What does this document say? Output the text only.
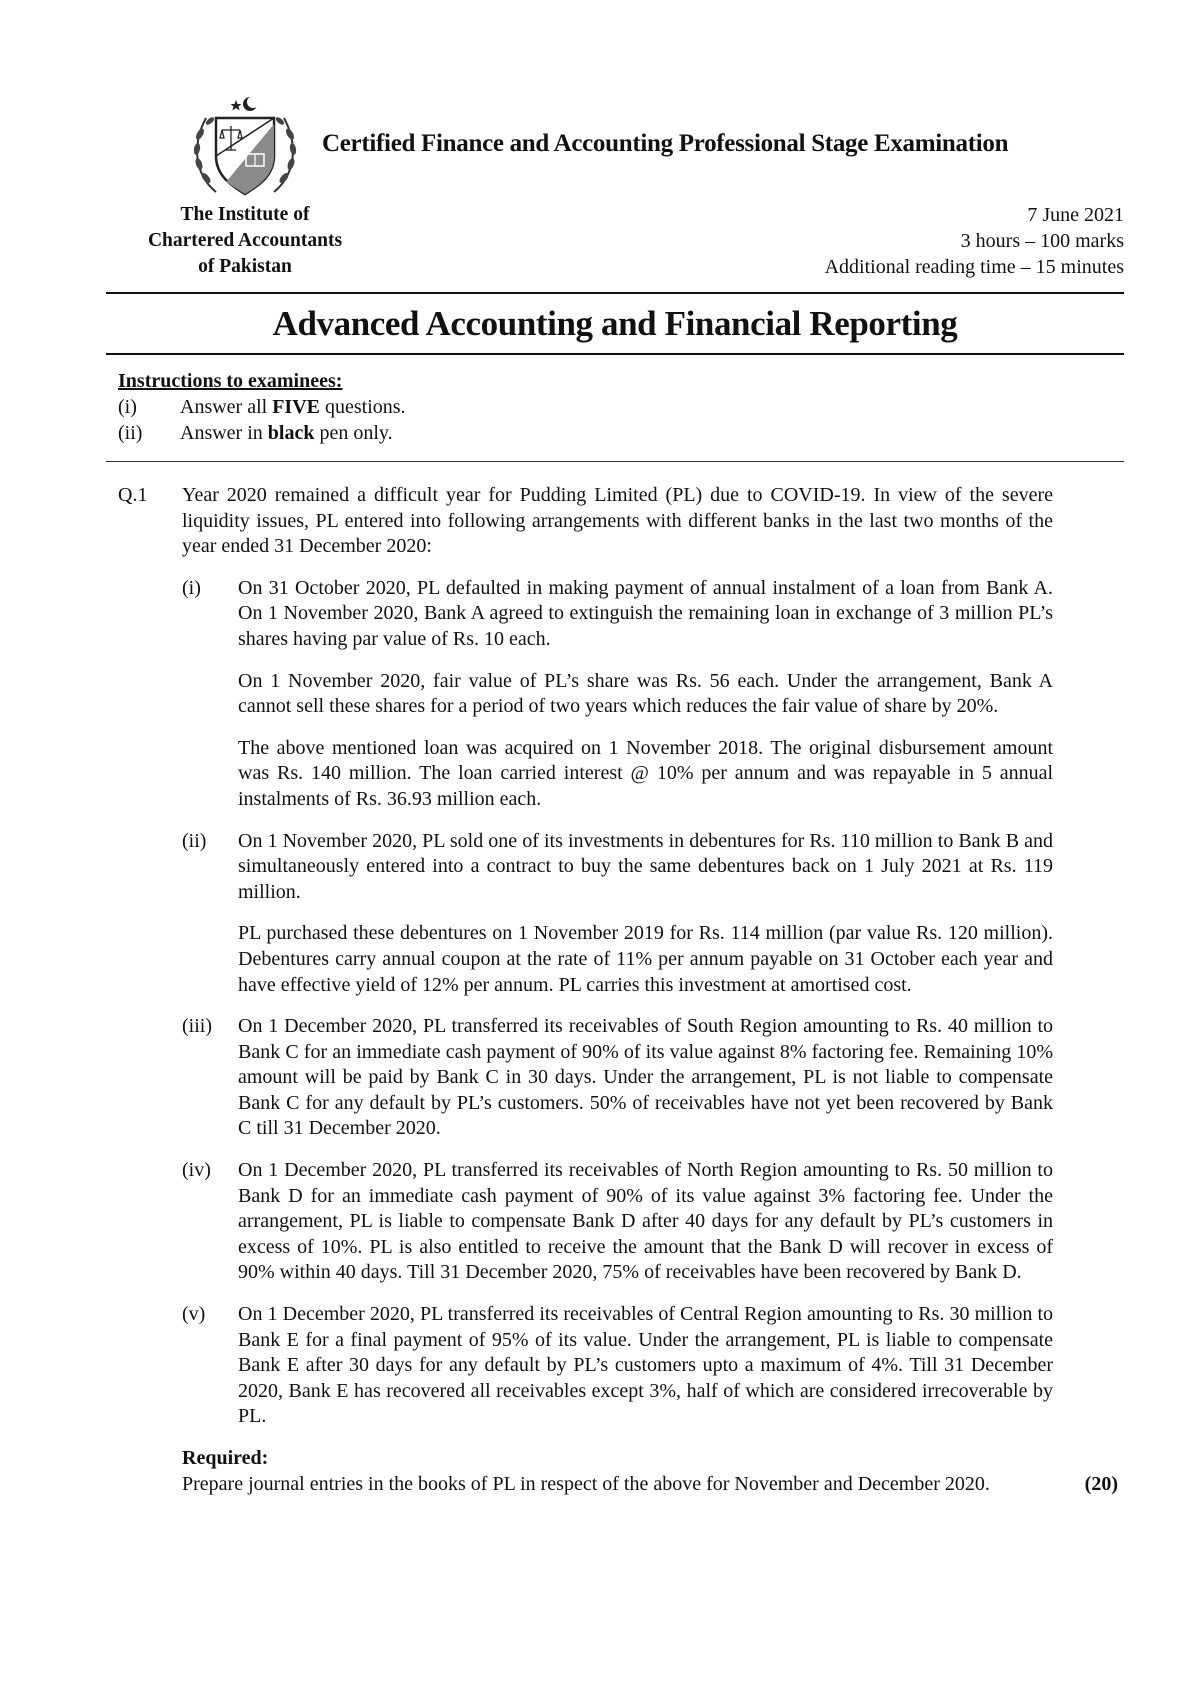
Certified Finance and Accounting Professional Stage Examination
The Institute of
Chartered Accountants
of Pakistan
7 June 2021
3 hours – 100 marks
Additional reading time – 15 minutes
Advanced Accounting and Financial Reporting
Instructions to examinees:
(i)	Answer all FIVE questions.
(ii)	Answer in black pen only.
Q.1	Year 2020 remained a difficult year for Pudding Limited (PL) due to COVID-19. In view of the severe liquidity issues, PL entered into following arrangements with different banks in the last two months of the year ended 31 December 2020:
(i)	On 31 October 2020, PL defaulted in making payment of annual instalment of a loan from Bank A. On 1 November 2020, Bank A agreed to extinguish the remaining loan in exchange of 3 million PL’s shares having par value of Rs. 10 each.

On 1 November 2020, fair value of PL’s share was Rs. 56 each. Under the arrangement, Bank A cannot sell these shares for a period of two years which reduces the fair value of share by 20%.

The above mentioned loan was acquired on 1 November 2018. The original disbursement amount was Rs. 140 million. The loan carried interest @ 10% per annum and was repayable in 5 annual instalments of Rs. 36.93 million each.

(ii)	On 1 November 2020, PL sold one of its investments in debentures for Rs. 110 million to Bank B and simultaneously entered into a contract to buy the same debentures back on 1 July 2021 at Rs. 119 million.

PL purchased these debentures on 1 November 2019 for Rs. 114 million (par value Rs. 120 million). Debentures carry annual coupon at the rate of 11% per annum payable on 31 October each year and have effective yield of 12% per annum. PL carries this investment at amortised cost.

(iii)	On 1 December 2020, PL transferred its receivables of South Region amounting to Rs. 40 million to Bank C for an immediate cash payment of 90% of its value against 8% factoring fee. Remaining 10% amount will be paid by Bank C in 30 days. Under the arrangement, PL is not liable to compensate Bank C for any default by PL’s customers. 50% of receivables have not yet been recovered by Bank C till 31 December 2020.

(iv)	On 1 December 2020, PL transferred its receivables of North Region amounting to Rs. 50 million to Bank D for an immediate cash payment of 90% of its value against 3% factoring fee. Under the arrangement, PL is liable to compensate Bank D after 40 days for any default by PL’s customers in excess of 10%. PL is also entitled to receive the amount that the Bank D will recover in excess of 90% within 40 days. Till 31 December 2020, 75% of receivables have been recovered by Bank D.

(v)	On 1 December 2020, PL transferred its receivables of Central Region amounting to Rs. 30 million to Bank E for a final payment of 95% of its value. Under the arrangement, PL is liable to compensate Bank E after 30 days for any default by PL’s customers upto a maximum of 4%. Till 31 December 2020, Bank E has recovered all receivables except 3%, half of which are considered irrecoverable by PL.

Required:
Prepare journal entries in the books of PL in respect of the above for November and December 2020.	(20)
